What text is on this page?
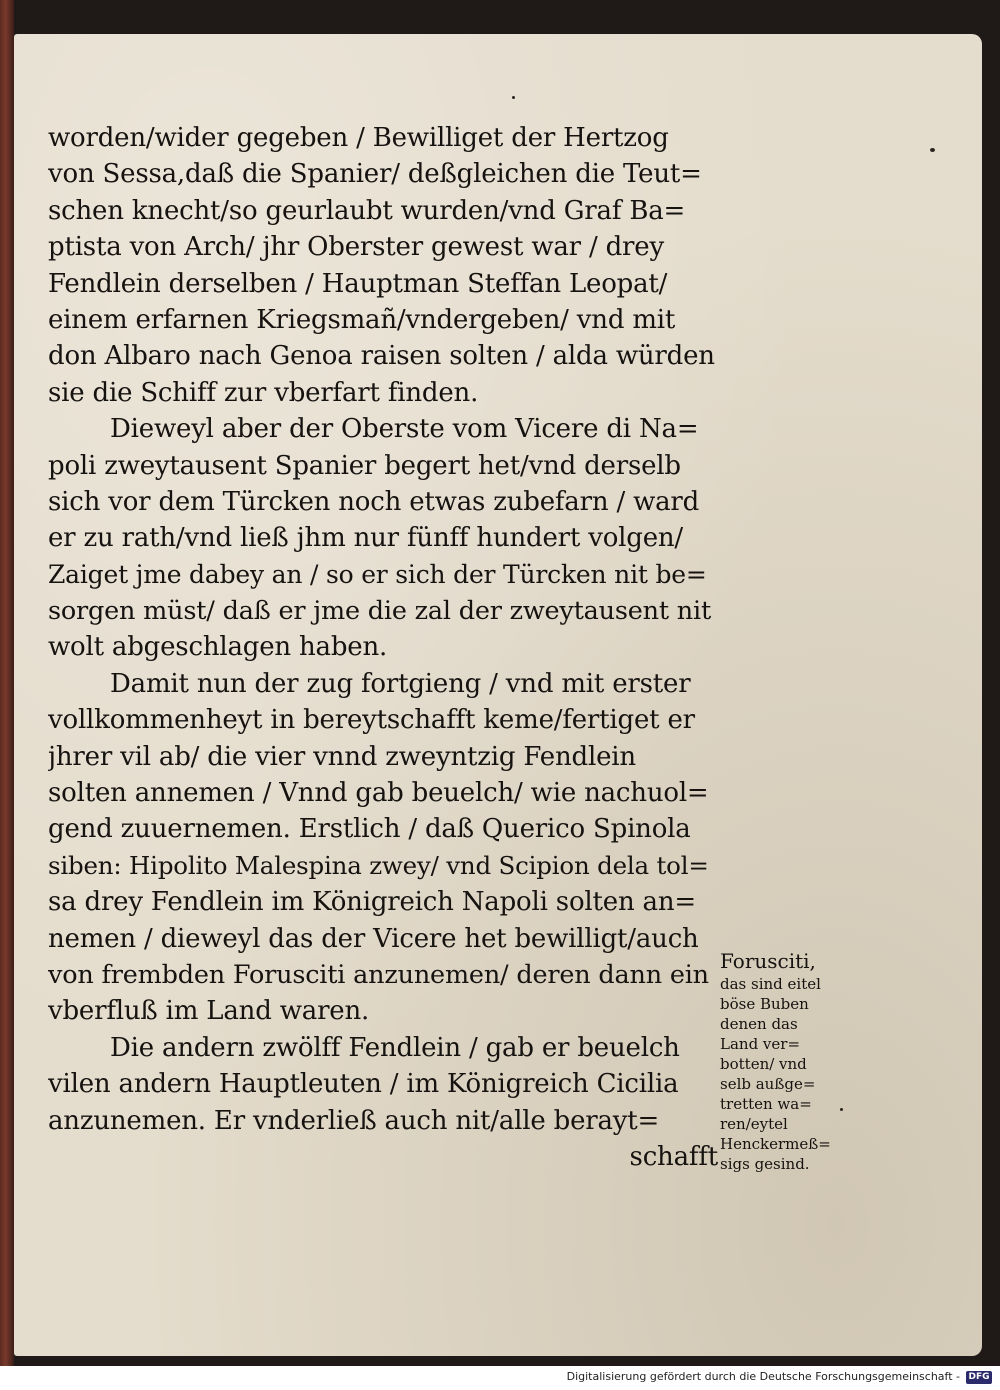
worden/wider gegeben / Bewilliget der Hertzog
von Sessa,daß die Spanier/ deßgleichen die Teut=
schen knecht/so geurlaubt wurden/vnd Graf Ba=
ptista von Arch/ jhr Oberster gewest war / drey
Fendlein derselben / Hauptman Steffan Leopat/
einem erfarnen Kriegsmañ/vndergeben/ vnd mit
don Albaro nach Genoa raisen solten / alda würden
sie die Schiff zur vberfart finden.
Dieweyl aber der Oberste vom Vicere di Na=
poli zweytausent Spanier begert het/vnd derselb
sich vor dem Türcken noch etwas zubefarn / ward
er zu rath/vnd ließ jhm nur fünff hundert volgen/
Zaiget jme dabey an / so er sich der Türcken nit be=
sorgen müst/ daß er jme die zal der zweytausent nit
wolt abgeschlagen haben.
Damit nun der zug fortgieng / vnd mit erster
vollkommenheyt in bereytschafft keme/fertiget er
jhrer vil ab/ die vier vnnd zweyntzig Fendlein
solten annemen / Vnnd gab beuelch/ wie nachuol=
gend zuuernemen. Erstlich / daß Querico Spinola
siben: Hipolito Malespina zwey/ vnd Scipion dela tol=
sa drey Fendlein im Königreich Napoli solten an=
nemen / dieweyl das der Vicere het bewilligt/auch
von frembden Forusciti anzunemen/ deren dann ein
vberfluß im Land waren.
Die andern zwölff Fendlein / gab er beuelch
vilen andern Hauptleuten / im Königreich Cicilia
anzunemen. Er vnderließ auch nit/alle berayt=
schafft
Forusciti,
das sind eitel
böse Buben
denen das
Land ver=
botten/ vnd
selb außge=
tretten wa=
ren/eytel
Henckermeß=
sigs gesind.
Digitalisierung gefördert durch die Deutsche Forschungsgemeinschaft - DFG
